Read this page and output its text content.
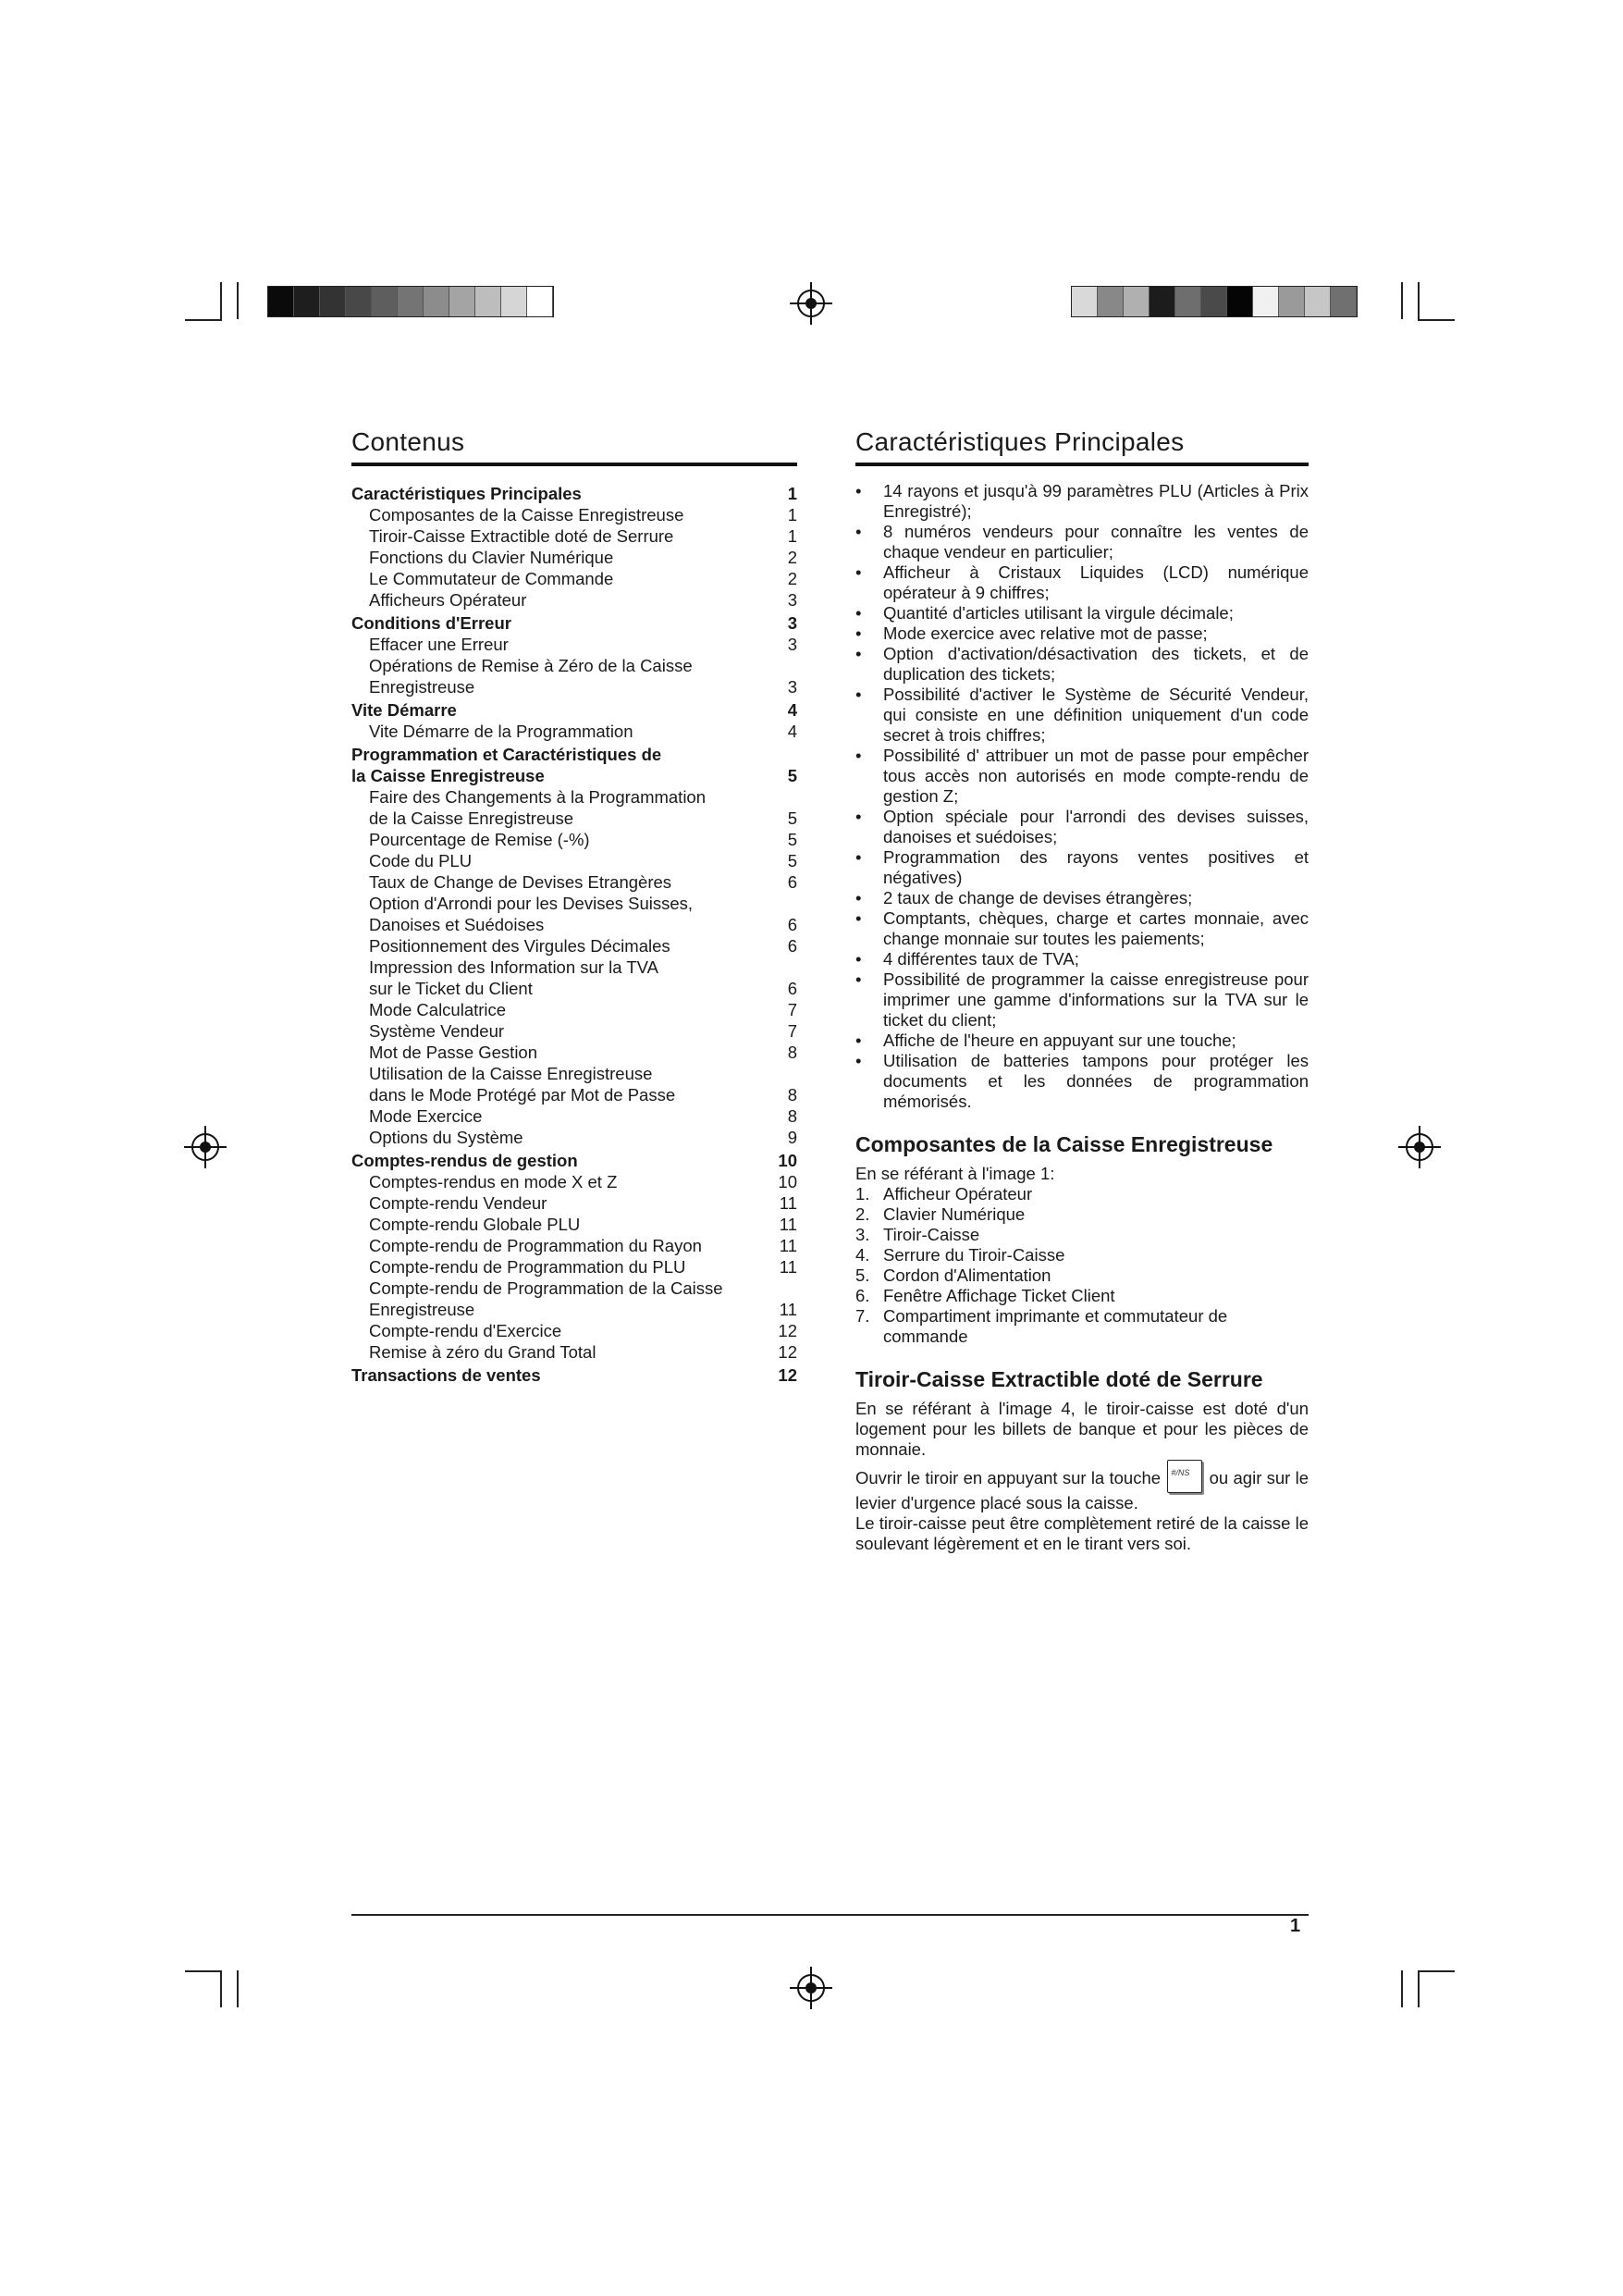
Contenus
Caractéristiques Principales	1
Composantes de la Caisse Enregistreuse	1
Tiroir-Caisse Extractible doté de Serrure	1
Fonctions du Clavier Numérique	2
Le Commutateur de Commande	2
Afficheurs Opérateur	3
Conditions d'Erreur	3
Effacer une Erreur	3
Opérations de Remise à Zéro de la Caisse
Enregistreuse	3
Vite Démarre	4
Vite Démarre de la Programmation	4
Programmation et Caractéristiques de
la Caisse Enregistreuse	5
Faire des Changements à la Programmation
de la Caisse Enregistreuse	5
Pourcentage de Remise (-%)	5
Code du PLU	5
Taux de Change de Devises Etrangères	6
Option d'Arrondi pour les Devises Suisses,
Danoises et Suédoises	6
Positionnement des Virgules Décimales	6
Impression des Information sur la TVA
sur le Ticket du Client	6
Mode Calculatrice	7
Système Vendeur	7
Mot de Passe Gestion	8
Utilisation de la Caisse Enregistreuse
dans le Mode Protégé par Mot de Passe	8
Mode Exercice	8
Options du Système	9
Comptes-rendus de gestion	10
Comptes-rendus en mode X et Z	10
Compte-rendu Vendeur	11
Compte-rendu Globale PLU	11
Compte-rendu de Programmation du Rayon	11
Compte-rendu de Programmation du PLU	11
Compte-rendu de Programmation de la Caisse
Enregistreuse	11
Compte-rendu d'Exercice	12
Remise à zéro du Grand Total	12
Transactions de ventes	12
Caractéristiques Principales
• 14 rayons et jusqu'à 99 paramètres PLU (Articles à Prix Enregistré);
• 8 numéros vendeurs pour connaître les ventes de chaque vendeur en particulier;
• Afficheur à Cristaux Liquides (LCD) numérique opérateur à 9 chiffres;
• Quantité d'articles utilisant la virgule décimale;
• Mode exercice avec relative mot de passe;
• Option d'activation/désactivation des tickets, et de duplication des tickets;
• Possibilité d'activer le Système de Sécurité Vendeur, qui consiste en une définition uniquement d'un code secret à trois chiffres;
• Possibilité d' attribuer un mot de passe pour empêcher tous accès non autorisés en mode compte-rendu de gestion Z;
• Option spéciale pour l'arrondi des devises suisses, danoises et suédoises;
• Programmation des rayons ventes positives et négatives)
• 2 taux de change de devises étrangères;
• Comptants, chèques, charge et cartes monnaie, avec change monnaie sur toutes les paiements;
• 4 différentes taux de TVA;
• Possibilité de programmer la caisse enregistreuse pour imprimer une gamme d'informations sur la TVA sur le ticket du client;
• Affiche de l'heure en appuyant sur une touche;
• Utilisation de batteries tampons pour protéger les documents et les données de programmation mémorisés.
Composantes de la Caisse Enregistreuse

En se référant à l'image 1:

1. Afficheur Opérateur
2. Clavier Numérique
3. Tiroir-Caisse
4. Serrure du Tiroir-Caisse
5. Cordon d'Alimentation
6. Fenêtre Affichage Ticket Client
7. Compartiment imprimante et commutateur de commande
Tiroir-Caisse Extractible doté de Serrure

En se référant à l'image 4, le tiroir-caisse est doté d'un logement pour les billets de banque et pour les pièces de monnaie.

Ouvrir le tiroir en appuyant sur la touche #/NS ou agir sur le levier d'urgence placé sous la caisse.

Le tiroir-caisse peut être complètement retiré de la caisse le soulevant légèrement et en le tirant vers soi.

1
